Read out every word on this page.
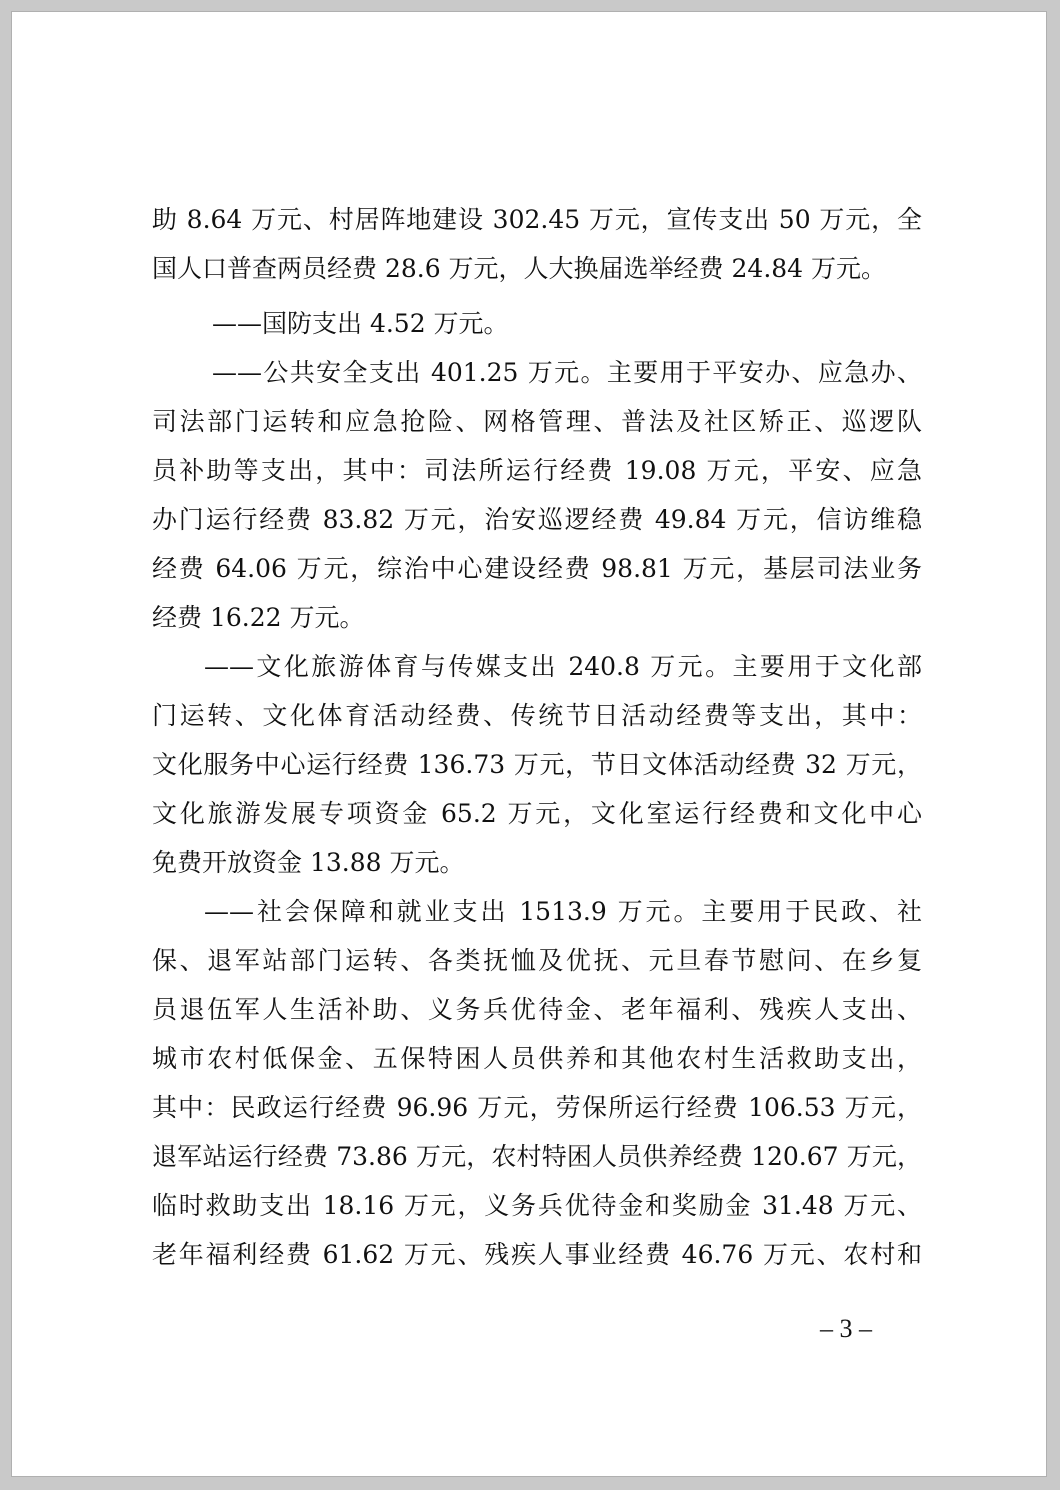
助 8.64 万元、村居阵地建设 302.45 万元，宣传支出 50 万元，全
国人口普查两员经费 28.6 万元，人大换届选举经费 24.84 万元。
——国防支出 4.52 万元。
——公共安全支出 401.25 万元。主要用于平安办、应急办、
司法部门运转和应急抢险、网格管理、普法及社区矫正、巡逻队
员补助等支出，其中：司法所运行经费 19.08 万元，平安、应急
办门运行经费 83.82 万元，治安巡逻经费 49.84 万元，信访维稳
经费 64.06 万元，综治中心建设经费 98.81 万元，基层司法业务
经费 16.22 万元。
——文化旅游体育与传媒支出 240.8 万元。主要用于文化部
门运转、文化体育活动经费、传统节日活动经费等支出，其中：
文化服务中心运行经费 136.73 万元，节日文体活动经费 32 万元，
文化旅游发展专项资金 65.2 万元，文化室运行经费和文化中心
免费开放资金 13.88 万元。
——社会保障和就业支出 1513.9 万元。主要用于民政、社
保、退军站部门运转、各类抚恤及优抚、元旦春节慰问、在乡复
员退伍军人生活补助、义务兵优待金、老年福利、残疾人支出、
城市农村低保金、五保特困人员供养和其他农村生活救助支出，
其中：民政运行经费 96.96 万元，劳保所运行经费 106.53 万元，
退军站运行经费 73.86 万元，农村特困人员供养经费 120.67 万元，
临时救助支出 18.16 万元，义务兵优待金和奖励金 31.48 万元、
老年福利经费 61.62 万元、残疾人事业经费 46.76 万元、农村和
– 3 –
